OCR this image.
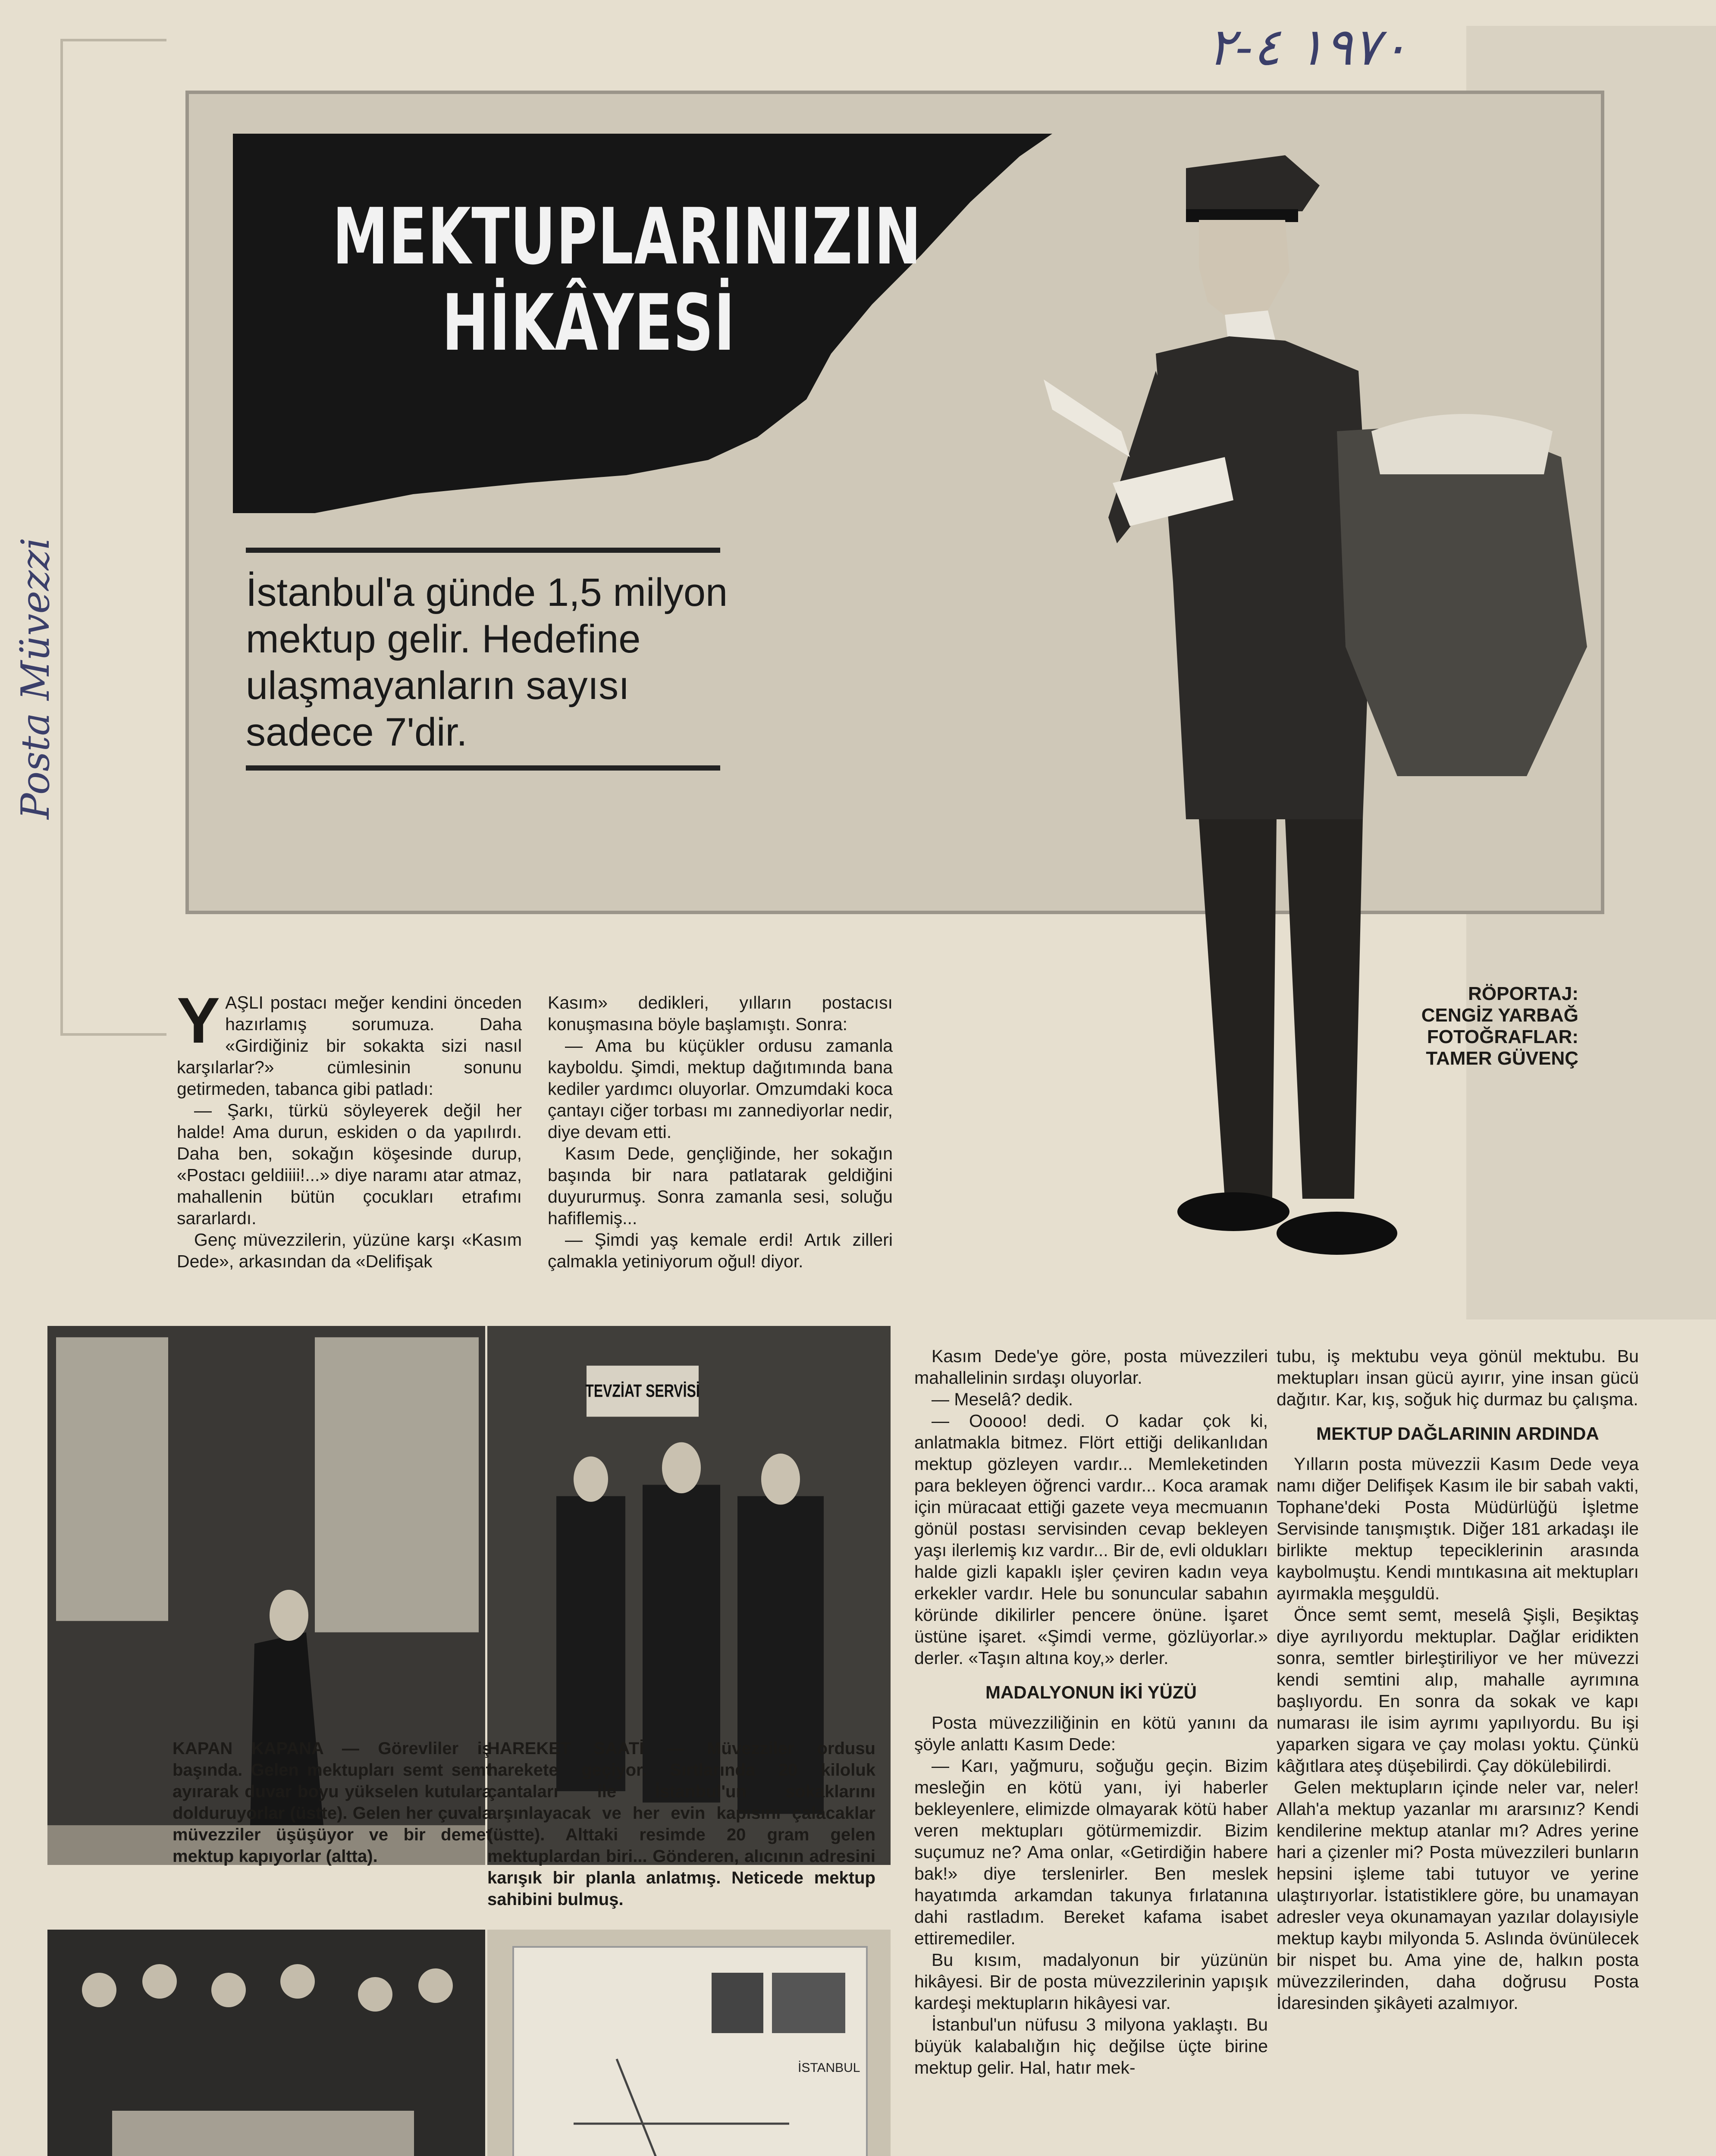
١٩٧٠ ٤-٢
Posta Müvezzi
MEKTUPLARINIZIN
HİKÂYESİ
İstanbul'a günde 1,5 milyon mektup gelir. Hedefine ulaşmayanların sayısı sadece 7'dir.
RÖPORTAJ:
CENGİZ YARBAĞ
FOTOĞRAFLAR:
TAMER GÜVENÇ
Y AŞLI postacı meğer kendini önceden hazırlamış sorumuza. Daha «Girdiğiniz bir sokakta sizi nasıl karşılarlar?» cümlesinin sonunu getirmeden, tabanca gibi patladı:

— Şarkı, türkü söyleyerek değil her halde! Ama durun, eskiden o da yapılırdı. Daha ben, sokağın köşesinde durup, «Postacı geldiiii!...» diye naramı atar atmaz, mahallenin bütün çocukları etrafımı sararlardı.

Genç müvezzilerin, yüzüne karşı «Kasım Dede», arkasından da «Delifişak

Kasım» dedikleri, yılların postacısı konuşmasına böyle başlamıştı. Sonra:

— Ama bu küçükler ordusu zamanla kayboldu. Şimdi, mektup dağıtımında bana kediler yardımcı oluyorlar. Omzumdaki koca çantayı ciğer torbası mı zannediyorlar nedir, diye devam etti.

Kasım Dede, gençliğinde, her sokağın başında bir nara patlatarak geldiğini duyururmuş. Sonra zamanla sesi, soluğu hafiflemiş...

— Şimdi yaş kemale erdi! Artık zilleri çalmakla yetiniyorum oğul! diyor.

TEVZİAT SERVİSİ
İSTANBUL
KAPAN KAPANA — Görevliler iş başında. Gelen mektupları semt semt ayırarak duvar boyu yükselen kutulara dolduruyorlar (üstte). Gelen her çuvala müvezziler üşüşüyor ve bir demet mektup kapıyorlar (altta).
HAREKET SAATİ — Müvezziler ordusu harekete geçiyor. Sırtlarında 20 kiloluk çantaları ile İstanbul'un sokaklarını arşınlayacak ve her evin kapısını çalacaklar (üstte). Alttaki resimde 20 gram gelen mektuplardan biri... Gönderen, alıcının adresini karışık bir planla anlatmış. Neticede mektup sahibini bulmuş.

Kasım Dede'ye göre, posta müvezzileri mahallelinin sırdaşı oluyorlar.

— Meselâ? dedik.

— Ooooo! dedi. O kadar çok ki, anlatmakla bitmez. Flört ettiği delikanlıdan mektup gözleyen vardır... Memleketinden para bekleyen öğrenci vardır... Koca aramak için müracaat ettiği gazete veya mecmuanın gönül postası servisinden cevap bekleyen yaşı ilerlemiş kız vardır... Bir de, evli oldukları halde gizli kapaklı işler çeviren kadın veya erkekler vardır. Hele bu sonuncular sabahın köründe dikilirler pencere önüne. İşaret üstüne işaret. «Şimdi verme, gözlüyorlar.» derler. «Taşın altına koy,» derler.

MADALYONUN İKİ YÜZÜ

Posta müvezziliğinin en kötü yanını da şöyle anlattı Kasım Dede:

— Karı, yağmuru, soğuğu geçin. Bizim mesleğin en kötü yanı, iyi haberler bekleyenlere, elimizde olmayarak kötü haber veren mektupları götürmemizdir. Bizim suçumuz ne? Ama onlar, «Getirdiğin habere bak!» diye terslenirler. Ben meslek hayatımda arkamdan takunya fırlatanına dahi rastladım. Bereket kafama isabet ettiremediler.

Bu kısım, madalyonun bir yüzünün hikâyesi. Bir de posta müvezzilerinin yapışık kardeşi mektupların hikâyesi var.

İstanbul'un nüfusu 3 milyona yaklaştı. Bu büyük kalabalığın hiç değilse üçte birine mektup gelir. Hal, hatır mek-

tubu, iş mektubu veya gönül mektubu. Bu mektupları insan gücü ayırır, yine insan gücü dağıtır. Kar, kış, soğuk hiç durmaz bu çalışma.

MEKTUP DAĞLARININ ARDINDA

Yılların posta müvezzii Kasım Dede veya namı diğer Delifişek Kasım ile bir sabah vakti, Tophane'deki Posta Müdürlüğü İşletme Servisinde tanışmıştık. Diğer 181 arkadaşı ile birlikte mektup tepeciklerinin arasında kaybolmuştu. Kendi mıntıkasına ait mektupları ayırmakla meşguldü.

Önce semt semt, meselâ Şişli, Beşiktaş diye ayrılıyordu mektuplar. Dağlar eridikten sonra, semtler birleştiriliyor ve her müvezzi kendi semtini alıp, mahalle ayrımına başlıyordu. En sonra da sokak ve kapı numarası ile isim ayrımı yapılıyordu. Bu işi yaparken sigara ve çay molası yoktu. Çünkü kâğıtlara ateş düşebilirdi. Çay dökülebilirdi.

Gelen mektupların içinde neler var, neler! Allah'a mektup yazanlar mı ararsınız? Kendi kendilerine mektup atanlar mı? Adres yerine hari a çizenler mi? Posta müvezzileri bunların hepsini işleme tabi tutuyor ve yerine ulaştırıyorlar. İstatistiklere göre, bu unamayan adresler veya okunamayan yazılar dolayısiyle mektup kaybı milyonda 5. Aslında övünülecek bir nispet bu. Ama yine de, halkın posta müvezzilerinden, daha doğrusu Posta İdaresinden şikâyeti azalmıyor.
